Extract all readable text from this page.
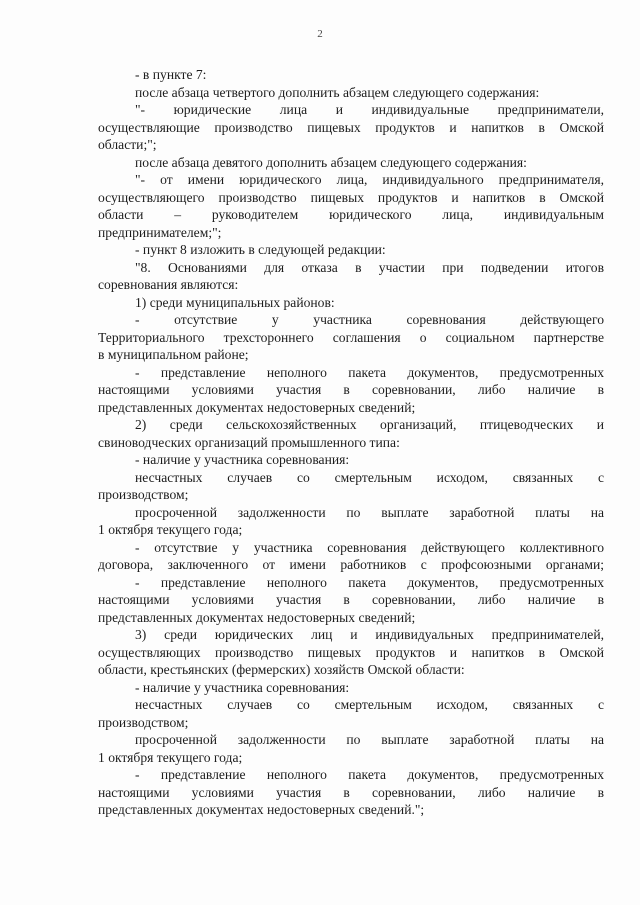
2
- в пункте 7:
после абзаца четвертого дополнить абзацем следующего содержания:
"- юридические лица и индивидуальные предприниматели,
осуществляющие производство пищевых продуктов и напитков в Омской
области;";
после абзаца девятого дополнить абзацем следующего содержания:
"- от имени юридического лица, индивидуального предпринимателя,
осуществляющего производство пищевых продуктов и напитков в Омской
области – руководителем юридического лица, индивидуальным
предпринимателем;";
- пункт 8 изложить в следующей редакции:
"8. Основаниями для отказа в участии при подведении итогов
соревнования являются:
1) среди муниципальных районов:
- отсутствие у участника соревнования действующего
Территориального трехстороннего соглашения о социальном партнерстве
в муниципальном районе;
- представление неполного пакета документов, предусмотренных
настоящими условиями участия в соревновании, либо наличие в
представленных документах недостоверных сведений;
2) среди сельскохозяйственных организаций, птицеводческих и
свиноводческих организаций промышленного типа:
- наличие у участника соревнования:
несчастных случаев со смертельным исходом, связанных с
производством;
просроченной задолженности по выплате заработной платы на
1 октября текущего года;
- отсутствие у участника соревнования действующего коллективного
договора, заключенного от имени работников с профсоюзными органами;
- представление неполного пакета документов, предусмотренных
настоящими условиями участия в соревновании, либо наличие в
представленных документах недостоверных сведений;
3) среди юридических лиц и индивидуальных предпринимателей,
осуществляющих производство пищевых продуктов и напитков в Омской
области, крестьянских (фермерских) хозяйств Омской области:
- наличие у участника соревнования:
несчастных случаев со смертельным исходом, связанных с
производством;
просроченной задолженности по выплате заработной платы на
1 октября текущего года;
- представление неполного пакета документов, предусмотренных
настоящими условиями участия в соревновании, либо наличие в
представленных документах недостоверных сведений.";
